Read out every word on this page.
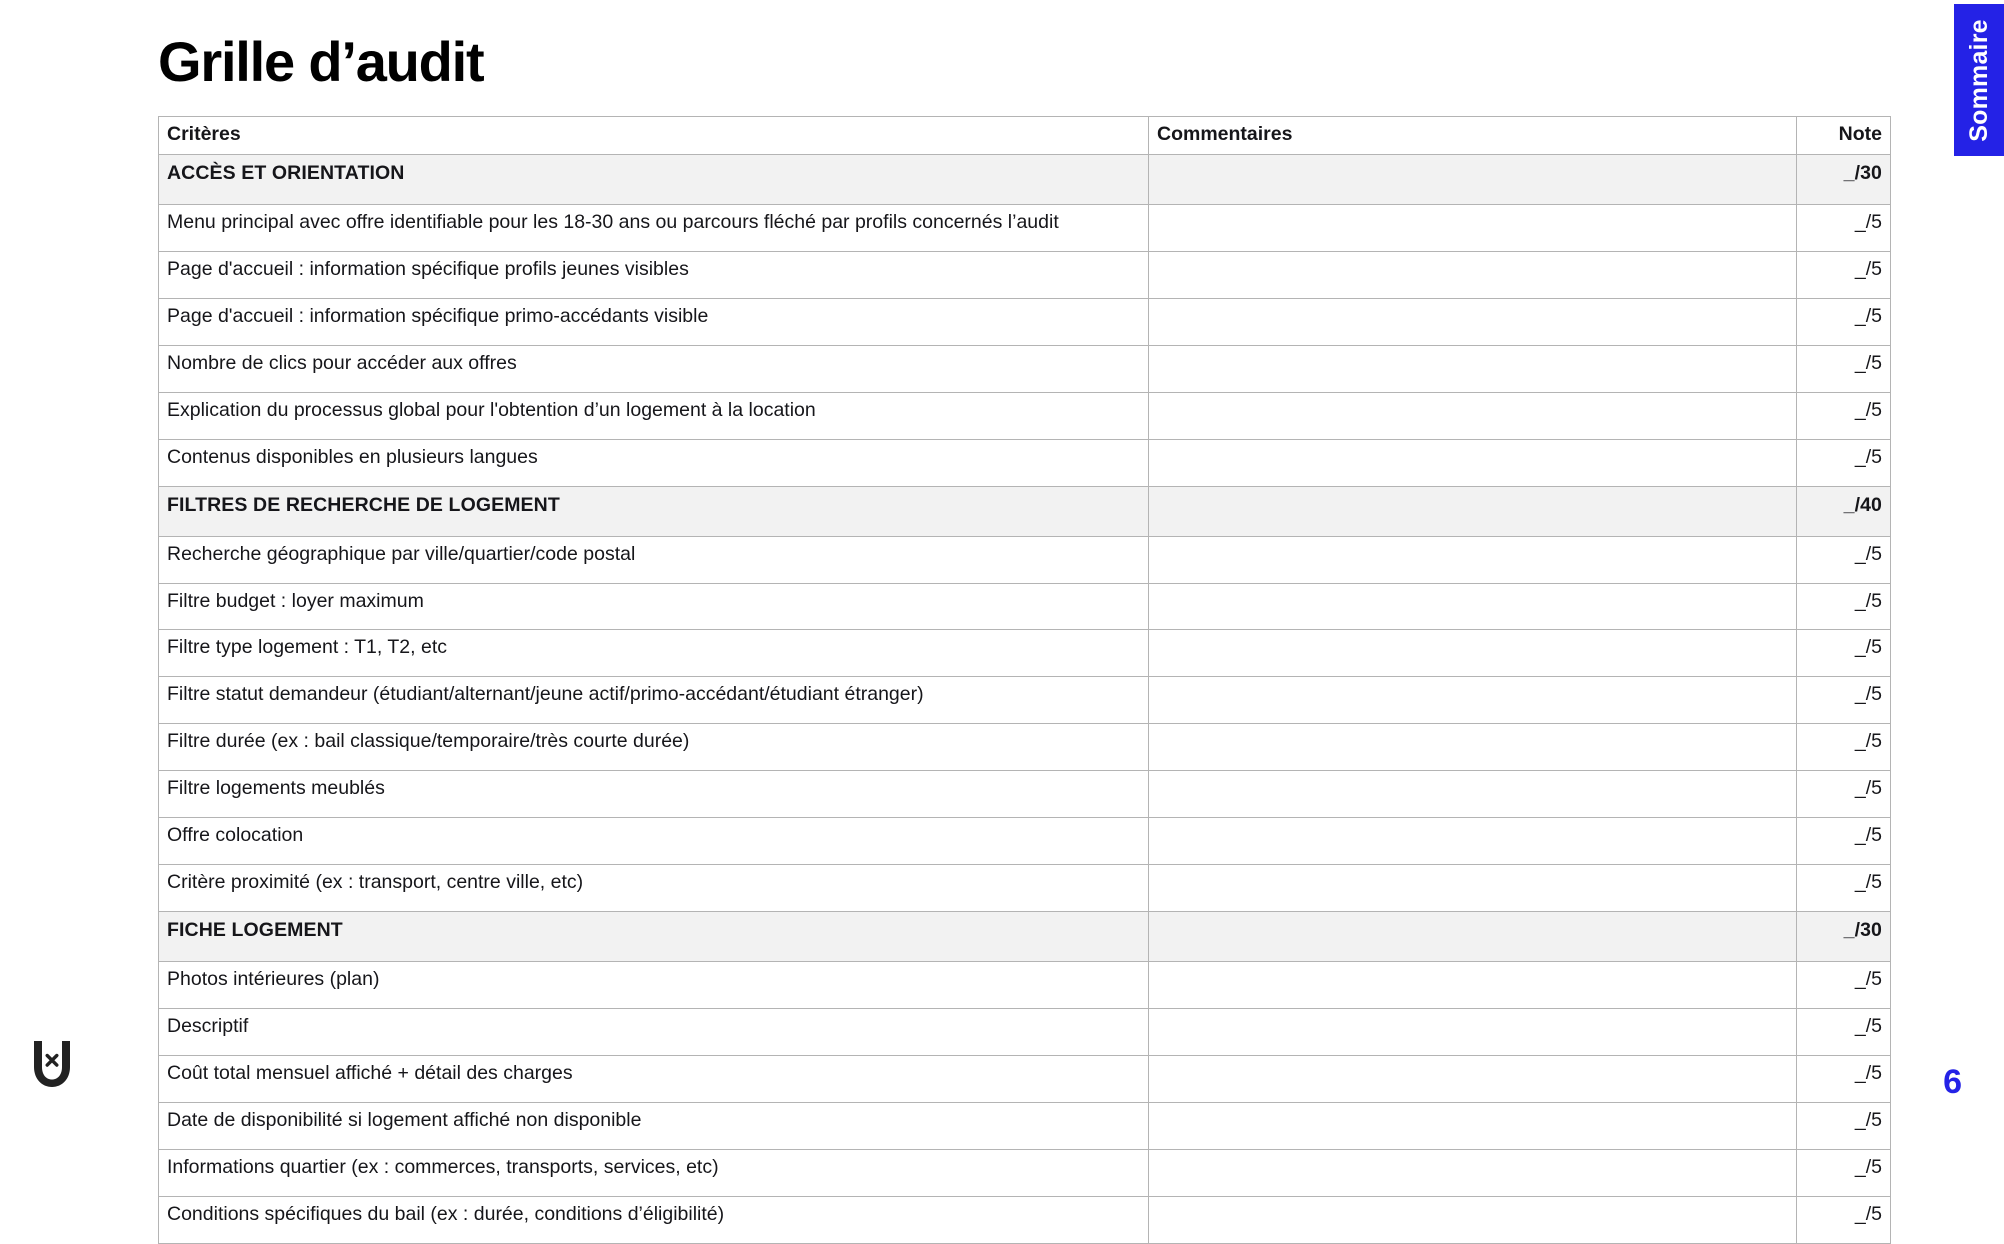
Grille d’audit
Critères	Commentaires	Note
ACCÈS ET ORIENTATION		_/30
Menu principal avec offre identifiable pour les 18-30 ans ou parcours fléché par profils concernés l’audit		_/5
Page d'accueil : information spécifique profils jeunes visibles		_/5
Page d'accueil : information spécifique primo-accédants visible		_/5
Nombre de clics pour accéder aux offres		_/5
Explication du processus global pour l'obtention d’un logement à la location		_/5
Contenus disponibles en plusieurs langues		_/5
FILTRES DE RECHERCHE DE LOGEMENT		_/40
Recherche géographique par ville/quartier/code postal		_/5
Filtre budget : loyer maximum		_/5
Filtre type logement : T1, T2, etc		_/5
Filtre statut demandeur (étudiant/alternant/jeune actif/primo-accédant/étudiant étranger)		_/5
Filtre durée (ex : bail classique/temporaire/très courte durée)		_/5
Filtre logements meublés		_/5
Offre colocation		_/5
Critère proximité (ex : transport, centre ville, etc)		_/5
FICHE LOGEMENT		_/30
Photos intérieures (plan)		_/5
Descriptif		_/5
Coût total mensuel affiché + détail des charges		_/5
Date de disponibilité si logement affiché non disponible		_/5
Informations quartier (ex : commerces, transports, services, etc)		_/5
Conditions spécifiques du bail (ex : durée, conditions d’éligibilité)		_/5
Sommaire
6
